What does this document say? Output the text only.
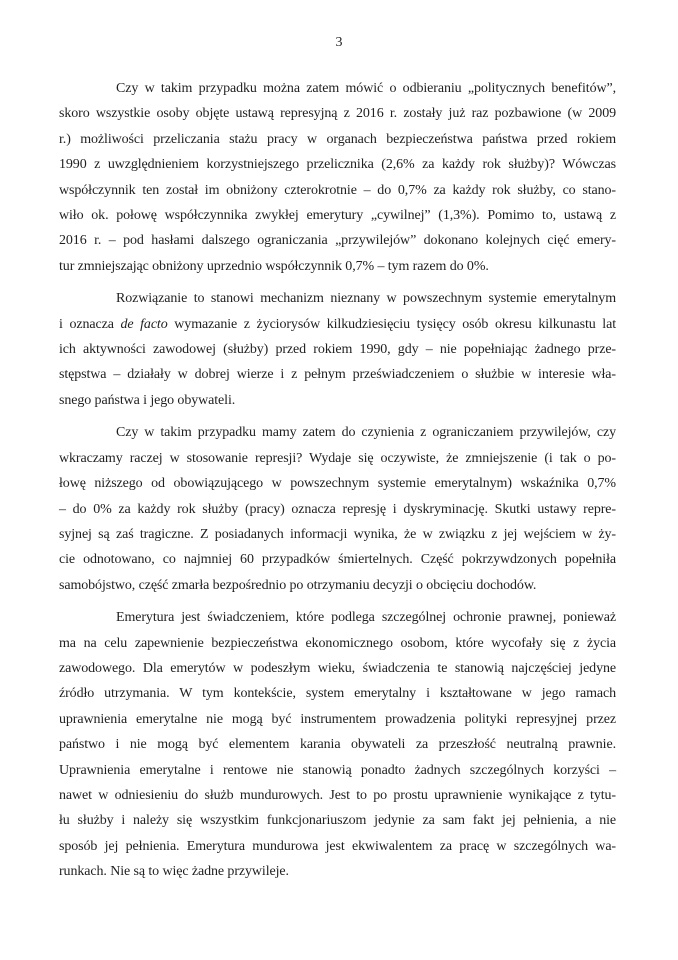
3

Czy w takim przypadku można zatem mówić o odbieraniu „politycznych benefitów”,
skoro wszystkie osoby objęte ustawą represyjną z 2016 r. zostały już raz pozbawione (w 2009
r.) możliwości przeliczania stażu pracy w organach bezpieczeństwa państwa przed rokiem
1990 z uwzględnieniem korzystniejszego przelicznika (2,6% za każdy rok służby)? Wówczas
współczynnik ten został im obniżony czterokrotnie – do 0,7% za każdy rok służby, co stano-
wiło ok. połowę współczynnika zwykłej emerytury „cywilnej” (1,3%). Pomimo to, ustawą z
2016 r. – pod hasłami dalszego ograniczania „przywilejów” dokonano kolejnych cięć emery-
tur zmniejszając obniżony uprzednio współczynnik 0,7% – tym razem do 0%.

Rozwiązanie to stanowi mechanizm nieznany w powszechnym systemie emerytalnym
i oznacza de facto wymazanie z życiorysów kilkudziesięciu tysięcy osób okresu kilkunastu lat
ich aktywności zawodowej (służby) przed rokiem 1990, gdy – nie popełniając żadnego prze-
stępstwa – działały w dobrej wierze i z pełnym przeświadczeniem o służbie w interesie wła-
snego państwa i jego obywateli.

Czy w takim przypadku mamy zatem do czynienia z ograniczaniem przywilejów, czy
wkraczamy raczej w stosowanie represji? Wydaje się oczywiste, że zmniejszenie (i tak o po-
łowę niższego od obowiązującego w powszechnym systemie emerytalnym) wskaźnika 0,7%
– do 0% za każdy rok służby (pracy) oznacza represję i dyskryminację. Skutki ustawy repre-
syjnej są zaś tragiczne. Z posiadanych informacji wynika, że w związku z jej wejściem w ży-
cie odnotowano, co najmniej 60 przypadków śmiertelnych. Część pokrzywdzonych popełniła
samobójstwo, część zmarła bezpośrednio po otrzymaniu decyzji o obcięciu dochodów.

Emerytura jest świadczeniem, które podlega szczególnej ochronie prawnej, ponieważ
ma na celu zapewnienie bezpieczeństwa ekonomicznego osobom, które wycofały się z życia
zawodowego. Dla emerytów w podeszłym wieku, świadczenia te stanowią najczęściej jedyne
źródło utrzymania. W tym kontekście, system emerytalny i kształtowane w jego ramach
uprawnienia emerytalne nie mogą być instrumentem prowadzenia polityki represyjnej przez
państwo i nie mogą być elementem karania obywateli za przeszłość neutralną prawnie.
Uprawnienia emerytalne i rentowe nie stanowią ponadto żadnych szczególnych korzyści –
nawet w odniesieniu do służb mundurowych. Jest to po prostu uprawnienie wynikające z tytu-
łu służby i należy się wszystkim funkcjonariuszom jedynie za sam fakt jej pełnienia, a nie
sposób jej pełnienia. Emerytura mundurowa jest ekwiwalentem za pracę w szczególnych wa-
runkach. Nie są to więc żadne przywileje.
